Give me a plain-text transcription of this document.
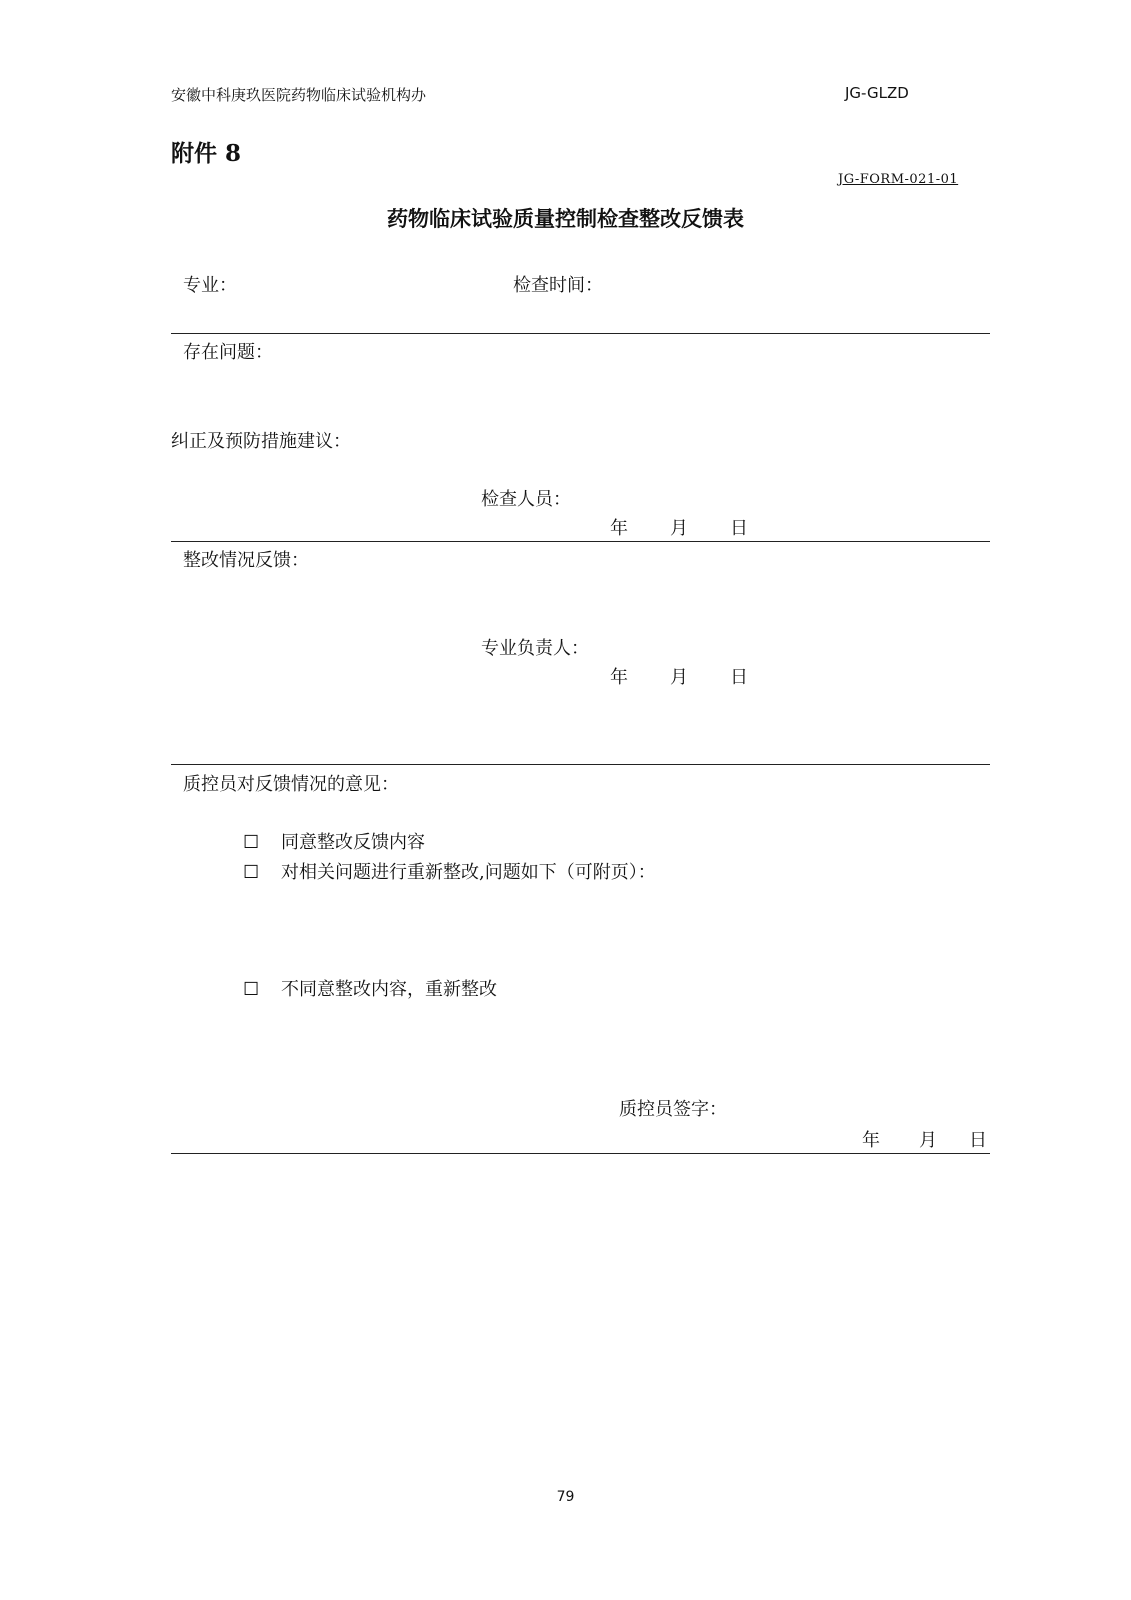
安徽中科庚玖医院药物临床试验机构办	JG-GLZD
附件 8
JG-FORM-021-01
药物临床试验质量控制检查整改反馈表
专业：	检查时间：
存在问题：
纠正及预防措施建议：
检查人员：
年 月 日
整改情况反馈：
专业负责人：
年 月 日
质控员对反馈情况的意见：
☐ 同意整改反馈内容
☐ 对相关问题进行重新整改,问题如下（可附页）：
☐ 不同意整改内容，重新整改
质控员签字：
年 月 日
79
